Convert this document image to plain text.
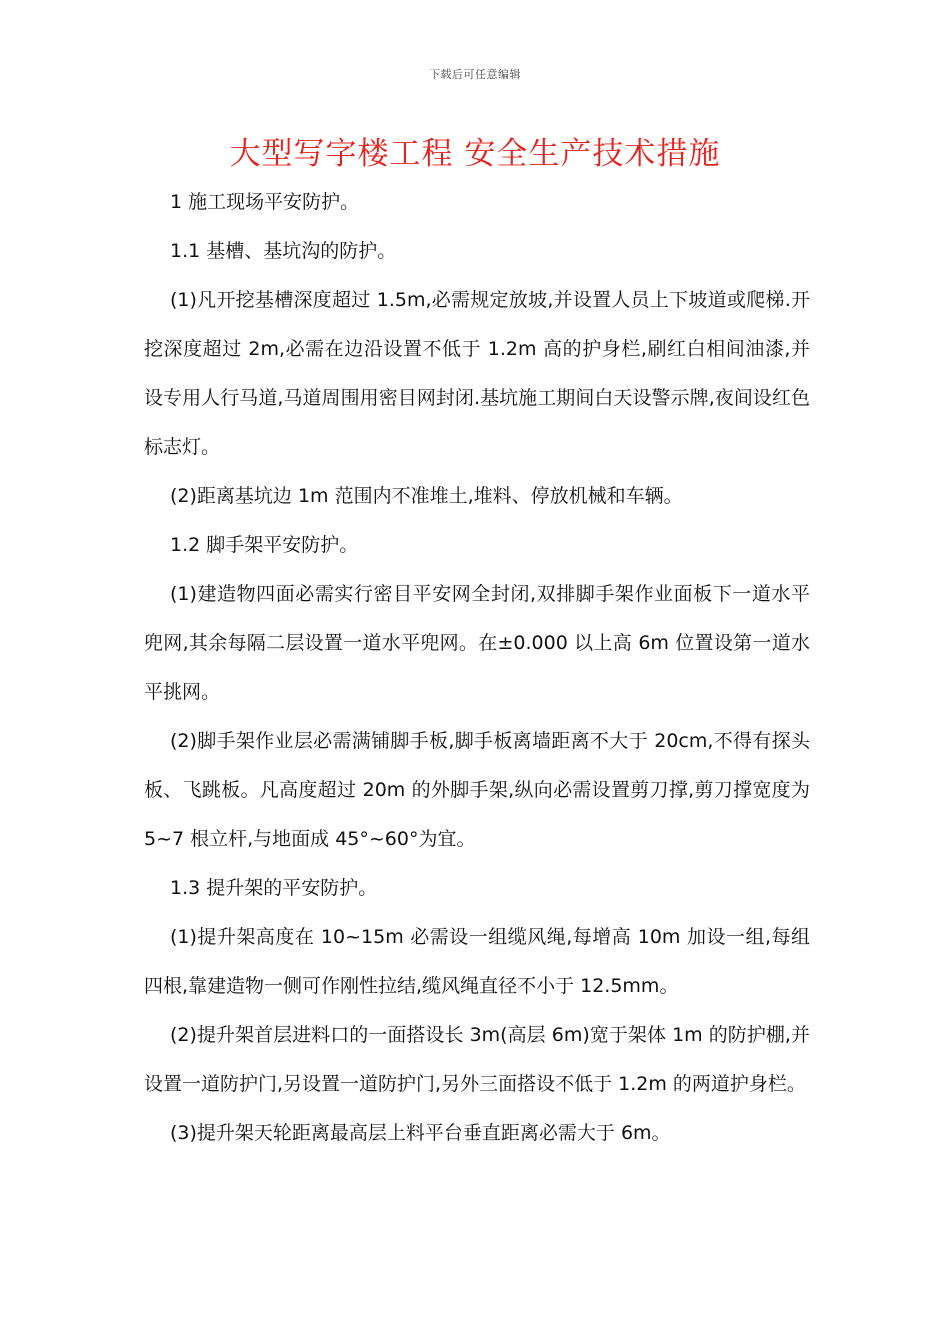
下载后可任意编辑
大型写字楼工程 安全生产技术措施

1 施工现场平安防护。

1.1 基槽、基坑沟的防护。

(1)凡开挖基槽深度超过 1.5m,必需规定放坡,并设置人员上下坡道或爬梯.开挖深度超过 2m,必需在边沿设置不低于 1.2m 高的护身栏,刷红白相间油漆,并设专用人行马道,马道周围用密目网封闭.基坑施工期间白天设警示牌,夜间设红色标志灯。

(2)距离基坑边 1m 范围内不准堆土,堆料、停放机械和车辆。

1.2 脚手架平安防护。

(1)建造物四面必需实行密目平安网全封闭,双排脚手架作业面板下一道水平兜网,其余每隔二层设置一道水平兜网。在±0.000 以上高 6m 位置设第一道水平挑网。

(2)脚手架作业层必需满铺脚手板,脚手板离墙距离不大于 20cm,不得有探头板、飞跳板。凡高度超过 20m 的外脚手架,纵向必需设置剪刀撑,剪刀撑宽度为 5~7 根立杆,与地面成 45°~60°为宜。

1.3 提升架的平安防护。

(1)提升架高度在 10~15m 必需设一组缆风绳,每增高 10m 加设一组,每组四根,靠建造物一侧可作刚性拉结,缆风绳直径不小于 12.5mm。

(2)提升架首层进料口的一面搭设长 3m(高层 6m)宽于架体 1m 的防护棚,并设置一道防护门,另设置一道防护门,另外三面搭设不低于 1.2m 的两道护身栏。

(3)提升架天轮距离最高层上料平台垂直距离必需大于 6m。
